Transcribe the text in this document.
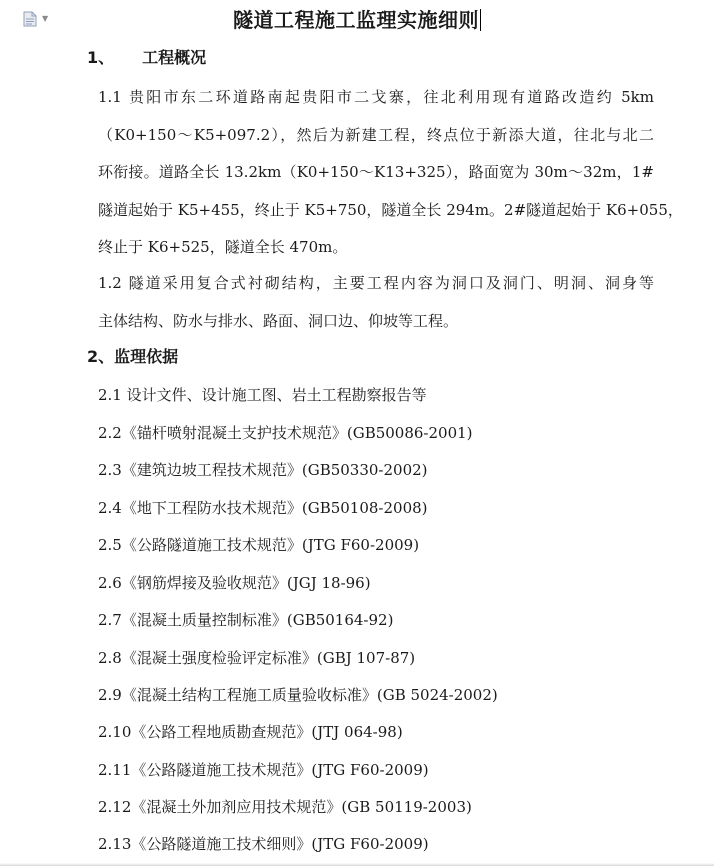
▼	隧道工程施工监理实施细则
1、 工程概况
1.1 贵阳市东二环道路南起贵阳市二戈寨，往北利用现有道路改造约 5km
（K0+150～K5+097.2），然后为新建工程，终点位于新添大道，往北与北二
环衔接。道路全长 13.2km（K0+150～K13+325），路面宽为 30m～32m，1#
隧道起始于 K5+455，终止于 K5+750，隧道全长 294m。2#隧道起始于 K6+055，
终止于 K6+525，隧道全长 470m。
1.2 隧道采用复合式衬砌结构，主要工程内容为洞口及洞门、明洞、洞身等
主体结构、防水与排水、路面、洞口边、仰坡等工程。
2、监理依据
2.1 设计文件、设计施工图、岩土工程勘察报告等
2.2《锚杆喷射混凝土支护技术规范》(GB50086-2001)
2.3《建筑边坡工程技术规范》(GB50330-2002)
2.4《地下工程防水技术规范》(GB50108-2008)
2.5《公路隧道施工技术规范》(JTG F60-2009)
2.6《钢筋焊接及验收规范》(JGJ 18-96)
2.7《混凝土质量控制标准》(GB50164-92)
2.8《混凝土强度检验评定标准》(GBJ 107-87)
2.9《混凝土结构工程施工质量验收标准》(GB 5024-2002)
2.10《公路工程地质勘查规范》(JTJ 064-98)
2.11《公路隧道施工技术规范》(JTG F60-2009)
2.12《混凝土外加剂应用技术规范》(GB 50119-2003)
2.13《公路隧道施工技术细则》(JTG F60-2009)
